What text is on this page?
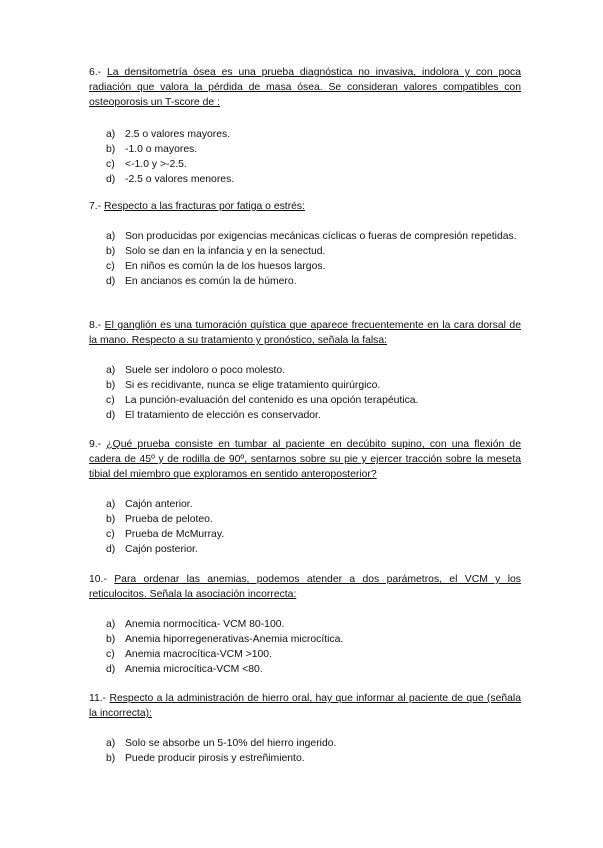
6.- La densitometría ósea es una prueba diagnóstica no invasiva, indolora y con poca radiación que valora la pérdida de masa ósea. Se consideran valores compatibles con osteoporosis un T-score de :

a) 2.5 o valores mayores.
b) -1.0 o mayores.
c) <-1.0 y >-2.5.
d) -2.5 o valores menores.

7.- Respecto a las fracturas por fatiga o estrés:

a) Son producidas por exigencias mecánicas cíclicas o fueras de compresión repetidas.
b) Solo se dan en la infancia y en la senectud.
c) En niños es común la de los huesos largos.
d) En ancianos es común la de húmero.

8.- El ganglión es una tumoración quística que aparece frecuentemente en la cara dorsal de la mano. Respecto a su tratamiento y pronóstico, señala la falsa:

a) Suele ser indoloro o poco molesto.
b) Si es recidivante, nunca se elige tratamiento quirúrgico.
c) La punción-evaluación del contenido es una opción terapéutica.
d) El tratamiento de elección es conservador.

9.- ¿Qué prueba consiste en tumbar al paciente en decúbito supino, con una flexión de cadera de 45º y de rodilla de 90º, sentarnos sobre su pie y ejercer tracción sobre la meseta tibial del miembro que exploramos en sentido anteroposterior?

a) Cajón anterior.
b) Prueba de peloteo.
c) Prueba de McMurray.
d) Cajón posterior.

10.- Para ordenar las anemias, podemos atender a dos parámetros, el VCM y los reticulocitos. Señala la asociación incorrecta:

a) Anemia normocítica- VCM 80-100.
b) Anemia hiporregenerativas-Anemia microcítica.
c) Anemia macrocítica-VCM >100.
d) Anemia microcítica-VCM <80.

11.- Respecto a la administración de hierro oral, hay que informar al paciente de que (señala la incorrecta):

a) Solo se absorbe un 5-10% del hierro ingerido.
b) Puede producir pirosis y estreñimiento.
